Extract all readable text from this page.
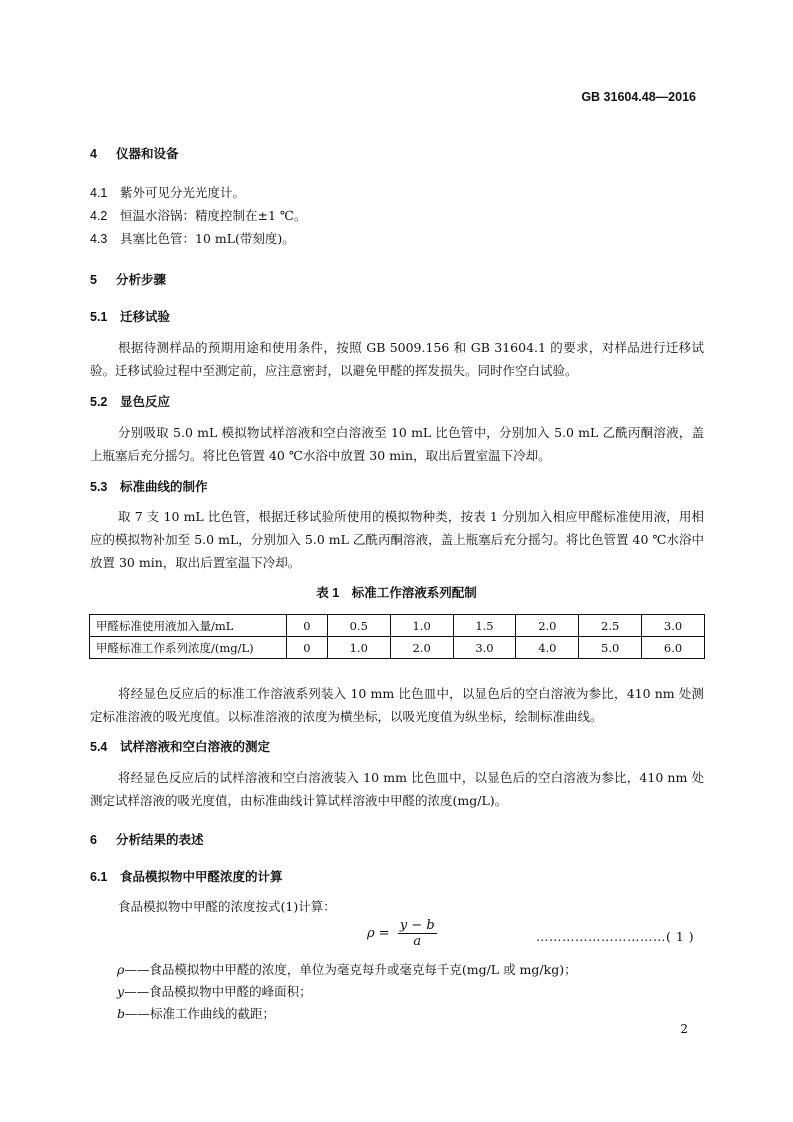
GB 31604.48—2016
4 仪器和设备
4.1 紫外可见分光光度计。
4.2 恒温水浴锅：精度控制在±1 ℃。
4.3 具塞比色管：10 mL(带刻度)。
5 分析步骤
5.1 迁移试验
根据待测样品的预期用途和使用条件，按照 GB 5009.156 和 GB 31604.1 的要求，对样品进行迁移试验。迁移试验过程中至测定前，应注意密封，以避免甲醛的挥发损失。同时作空白试验。
5.2 显色反应
分别吸取 5.0 mL 模拟物试样溶液和空白溶液至 10 mL 比色管中，分别加入 5.0 mL 乙酰丙酮溶液，盖上瓶塞后充分摇匀。将比色管置 40 ℃水浴中放置 30 min，取出后置室温下冷却。
5.3 标准曲线的制作
取 7 支 10 mL 比色管，根据迁移试验所使用的模拟物种类，按表 1 分别加入相应甲醛标准使用液，用相应的模拟物补加至 5.0 mL，分别加入 5.0 mL 乙酰丙酮溶液，盖上瓶塞后充分摇匀。将比色管置 40 ℃水浴中放置 30 min，取出后置室温下冷却。
表 1　标准工作溶液系列配制
甲醛标准使用液加入量/mL	0	0.5	1.0	1.5	2.0	2.5	3.0
甲醛标准工作系列浓度/(mg/L)	0	1.0	2.0	3.0	4.0	5.0	6.0
将经显色反应后的标准工作溶液系列装入 10 mm 比色皿中，以显色后的空白溶液为参比，410 nm 处测定标准溶液的吸光度值。以标准溶液的浓度为横坐标，以吸光度值为纵坐标，绘制标准曲线。
5.4 试样溶液和空白溶液的测定
将经显色反应后的试样溶液和空白溶液装入 10 mm 比色皿中，以显色后的空白溶液为参比，410 nm 处测定试样溶液的吸光度值，由标准曲线计算试样溶液中甲醛的浓度(mg/L)。
6 分析结果的表述
6.1 食品模拟物中甲醛浓度的计算
食品模拟物中甲醛的浓度按式(1)计算：
$\rho = \frac{y - b}{a}$	…………………………( 1 )
ρ——食品模拟物中甲醛的浓度，单位为毫克每升或毫克每千克(mg/L 或 mg/kg)；
y——食品模拟物中甲醛的峰面积；
b——标准工作曲线的截距；
2
